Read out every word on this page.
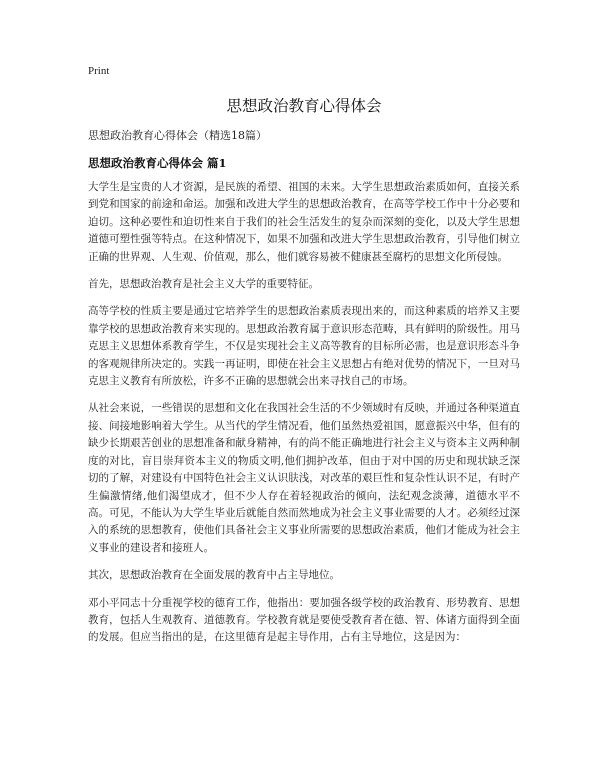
Print

思想政治教育心得体会

思想政治教育心得体会（精选18篇）

思想政治教育心得体会 篇1

大学生是宝贵的人才资源，是民族的希望、祖国的未来。大学生思想政治素质如何，直接关系到党和国家的前途和命运。加强和改进大学生的思想政治教育，在高等学校工作中十分必要和迫切。这种必要性和迫切性来自于我们的社会生活发生的复杂而深刻的变化，以及大学生思想道德可塑性强等特点。在这种情况下，如果不加强和改进大学生思想政治教育，引导他们树立正确的世界观、人生观、价值观，那么，他们就容易被不健康甚至腐朽的思想文化所侵蚀。

首先，思想政治教育是社会主义大学的重要特征。

高等学校的性质主要是通过它培养学生的思想政治素质表现出来的，而这种素质的培养又主要靠学校的思想政治教育来实现的。思想政治教育属于意识形态范畴，具有鲜明的阶级性。用马克思主义思想体系教育学生，不仅是实现社会主义高等教育的目标所必需，也是意识形态斗争的客观规律所决定的。实践一再证明，即使在社会主义思想占有绝对优势的情况下，一旦对马克思主义教育有所放松，许多不正确的思想就会出来寻找自己的市场。

从社会来说，一些错误的思想和文化在我国社会生活的不少领域时有反映，并通过各种渠道直接、间接地影响着大学生。从当代的学生情况看，他们虽然热爱祖国，愿意振兴中华，但有的缺少长期艰苦创业的思想准备和献身精神，有的尚不能正确地进行社会主义与资本主义两种制度的对比，盲目崇拜资本主义的物质文明,他们拥护改革，但由于对中国的历史和现状缺乏深切的了解，对建设有中国特色社会主义认识肤浅，对改革的艰巨性和复杂性认识不足，有时产生偏激情绪,他们渴望成才，但不少人存在着轻视政治的倾向，法纪观念淡薄，道德水平不高。可见，不能认为大学生毕业后就能自然而然地成为社会主义事业需要的人才。必须经过深入的系统的思想教育，使他们具备社会主义事业所需要的思想政治素质，他们才能成为社会主义事业的建设者和接班人。

其次，思想政治教育在全面发展的教育中占主导地位。

邓小平同志十分重视学校的德育工作，他指出：要加强各级学校的政治教育、形势教育、思想教育，包括人生观教育、道德教育。学校教育就是要使受教育者在德、智、体诸方面得到全面的发展。但应当指出的是，在这里德育是起主导作用，占有主导地位，这是因为：
